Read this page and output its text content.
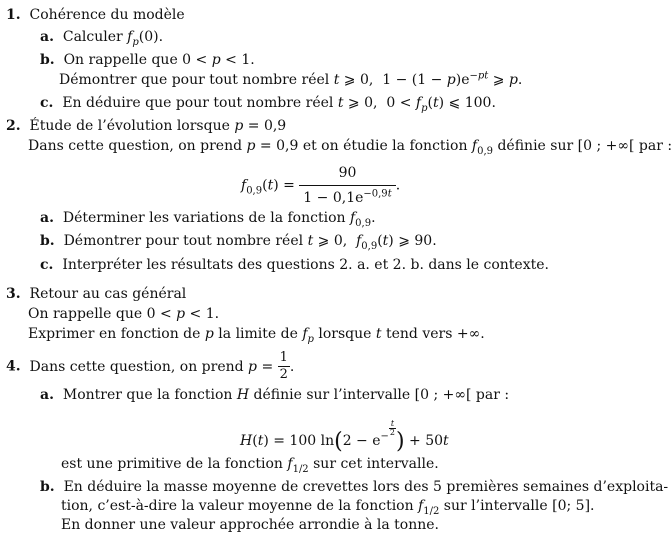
1. Cohérence du modèle
a. Calculer $f_p(0)$.
b. On rappelle que 0 < p < 1.
Démontrer que pour tout nombre réel t ⩾ 0,  $1 - (1 - p)e^{-pt}$ ⩾ p.
c. En déduire que pour tout nombre réel t ⩾ 0,  $0 < f_p(t)$ ⩽ 100.
2. Étude de l’évolution lorsque p = 0,9
Dans cette question, on prend p = 0,9 et on étudie la fonction $f_{0,9}$ définie sur [0 ; +∞[ par :
$f_{0,9}(t) = \frac{90}{1 - 0,1e^{-0,9t}}$ .
a. Déterminer les variations de la fonction $f_{0,9}$.
b. Démontrer pour tout nombre réel t ⩾ 0,  $f_{0,9}(t)$ ⩾ 90.
c. Interpréter les résultats des questions 2. a. et 2. b. dans le contexte.
3. Retour au cas général
On rappelle que 0 < p < 1.
Exprimer en fonction de p la limite de $f_p$ lorsque t tend vers +∞.
4. Dans cette question, on prend $p = \frac{1}{2}$ .
a. Montrer que la fonction H définie sur l’intervalle [0 ; +∞[ par :
H(t) = 100 $\ln(2 - e^{- \frac{t}{2}}$
) + 50t
est une primitive de la fonction $f_{1/2}$ sur cet intervalle.
b. En déduire la masse moyenne de crevettes lors des 5 premières semaines d’exploita-
tion, c’est-à-dire la valeur moyenne de la fonction $f_{1/2}$ sur l’intervalle [0; 5].
En donner une valeur approchée arrondie à la tonne.
